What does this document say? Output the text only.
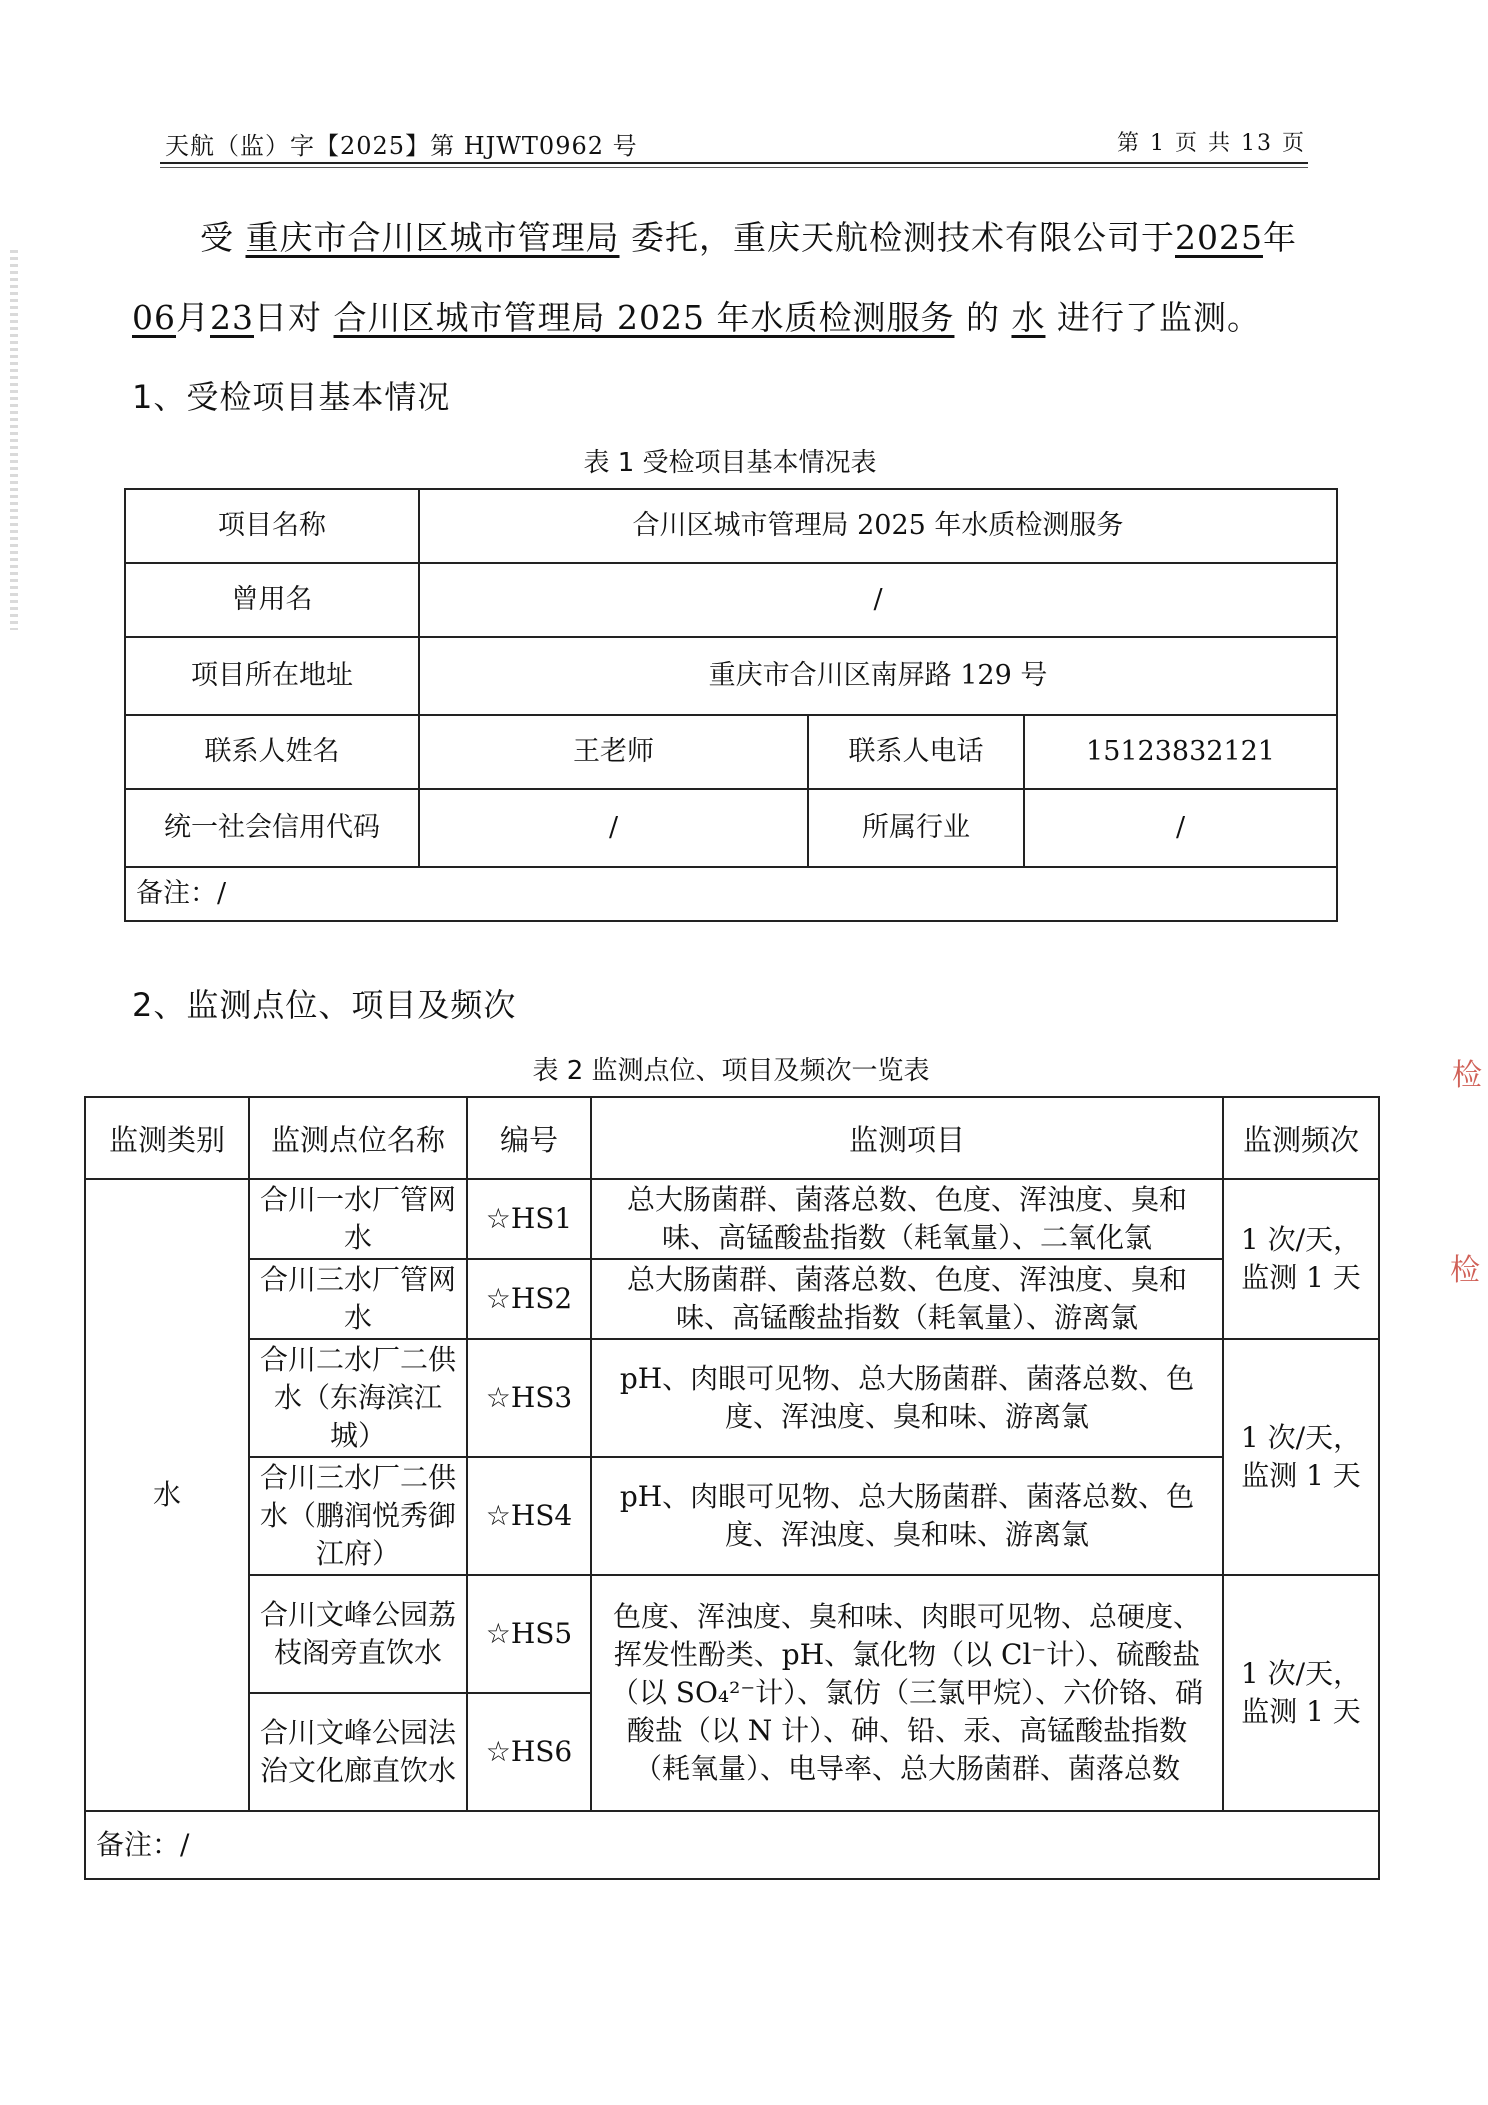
天航（监）字【2025】第 HJWT0962 号	第 1 页 共 13 页
受 重庆市合川区城市管理局 委托，重庆天航检测技术有限公司于2025年
06月23日对 合川区城市管理局 2025 年水质检测服务 的 水 进行了监测。
1、受检项目基本情况
表 1 受检项目基本情况表
项目名称	合川区城市管理局 2025 年水质检测服务		
曾用名	/		
项目所在地址	重庆市合川区南屏路 129 号		
联系人姓名	王老师	联系人电话	15123832121
统一社会信用代码	/	所属行业	/
备注：/			
2、监测点位、项目及频次
表 2 监测点位、项目及频次一览表
监测类别	监测点位名称	编号	监测项目	监测频次
水	合川一水厂管网水	☆HS1	总大肠菌群、菌落总数、色度、浑浊度、臭和味、高锰酸盐指数（耗氧量）、二氧化氯	1 次/天，监测 1 天
	合川三水厂管网水	☆HS2	总大肠菌群、菌落总数、色度、浑浊度、臭和味、高锰酸盐指数（耗氧量）、游离氯	
	合川二水厂二供水（东海滨江城）	☆HS3	pH、肉眼可见物、总大肠菌群、菌落总数、色度、浑浊度、臭和味、游离氯	1 次/天，监测 1 天
	合川三水厂二供水（鹏润悦秀御江府）	☆HS4	pH、肉眼可见物、总大肠菌群、菌落总数、色度、浑浊度、臭和味、游离氯	
	合川文峰公园荔枝阁旁直饮水	☆HS5	色度、浑浊度、臭和味、肉眼可见物、总硬度、挥发性酚类、pH、氯化物（以 Cl⁻计）、硫酸盐（以 SO₄²⁻计）、氯仿（三氯甲烷）、六价铬、硝酸盐（以 N 计）、砷、铅、汞、高锰酸盐指数（耗氧量）、电导率、总大肠菌群、菌落总数	1 次/天，监测 1 天
	合川文峰公园法治文化廊直饮水	☆HS6		
备注：/				
检
检
